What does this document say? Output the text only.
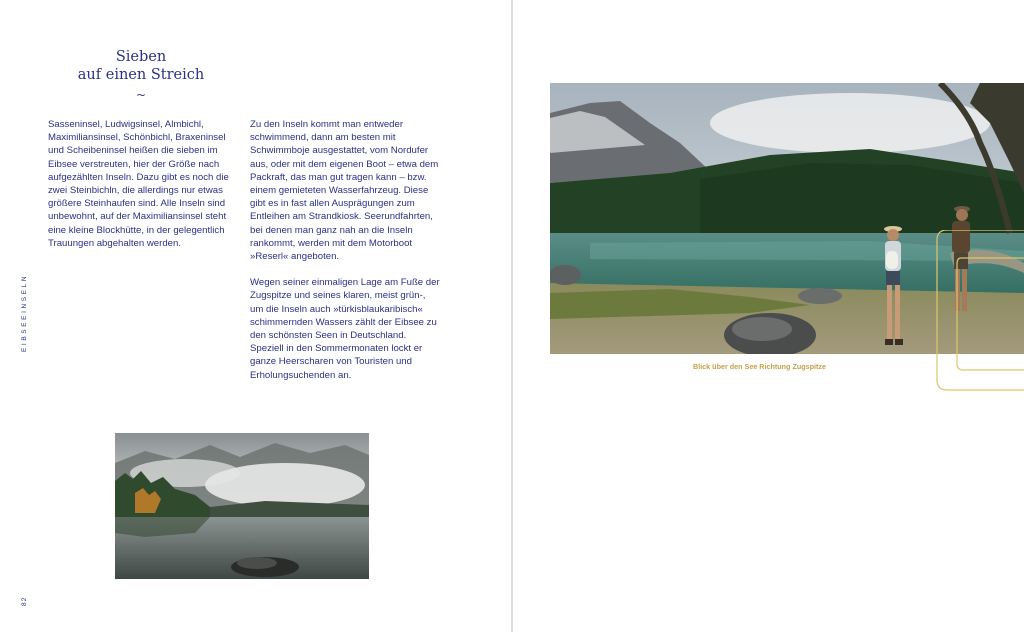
Sieben
auf einen Streich
~

Sasseninsel, Ludwigsinsel, Almbichl, Maximiliansinsel, Schönbichl, Braxeninsel und Scheibeninsel heißen die sieben im Eibsee verstreuten, hier der Größe nach aufgezählten Inseln. Dazu gibt es noch die zwei Steinbichln, die allerdings nur etwas größere Steinhaufen sind. Alle Inseln sind unbewohnt, auf der Maximiliansinsel steht eine kleine Blockhütte, in der gelegentlich Trauungen abgehalten werden.

Zu den Inseln kommt man entweder schwimmend, dann am besten mit Schwimmboje ausgestattet, vom Nordufer aus, oder mit dem eigenen Boot – etwa dem Packraft, das man gut tragen kann – bzw. einem gemieteten Wasserfahrzeug. Diese gibt es in fast allen Ausprägungen zum Entleihen am Strandkiosk. Seerundfahrten, bei denen man ganz nah an die Inseln rankommt, werden mit dem Motorboot »Reserl« angeboten.

Wegen seiner einmaligen Lage am Fuße der Zugspitze und seines klaren, meist grün-, um die Inseln auch »türkisblaukaribisch« schimmernden Wassers zählt der Eibsee zu den schönsten Seen in Deutschland. Speziell in den Sommermonaten lockt er ganze Heerscharen von Touristen und Erholungsuchenden an.

EIBSEEINSELN
82
Blick über den See Richtung Zugspitze
